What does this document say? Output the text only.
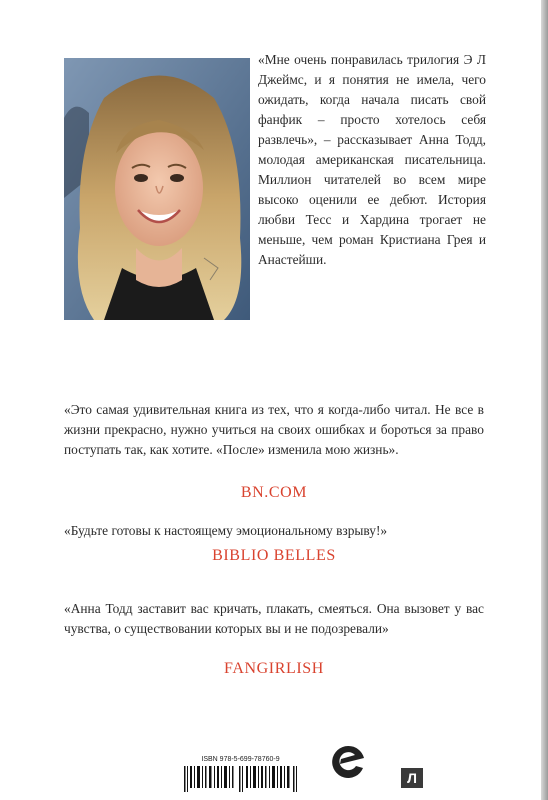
«Мне очень понравилась трилогия Э Л Джеймс, и я понятия не имела, чего ожидать, когда начала писать свой фанфик – просто хотелось себя развлечь», – рассказывает Анна Тодд, молодая американская писательница. Миллион читателей во всем мире высоко оценили ее дебют. История любви Тесс и Хардина трогает не меньше, чем роман Кристиана Грея и Анастейши.
«Это самая удивительная книга из тех, что я когда-либо читал. Не все в жизни прекрасно, нужно учиться на своих ошибках и бороться за право поступать так, как хотите. «После» изменила мою жизнь».
BN.COM
«Будьте готовы к настоящему эмоциональному взрыву!»
BIBLIO BELLES
«Анна Тодд заставит вас кричать, плакать, смеяться. Она вызовет у вас чувства, о существовании которых вы и не подозревали»
FANGIRLISH
ISBN 978-5-699-78760-9
Л
